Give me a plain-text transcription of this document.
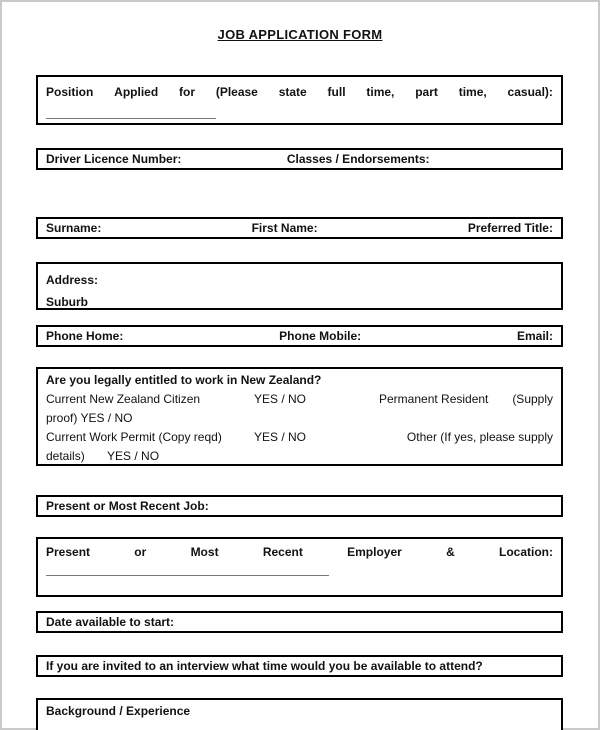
JOB APPLICATION FORM
Position Applied for (Please state full time, part time, casual):
Driver Licence Number:	Classes / Endorsements:
Surname:	First Name:	Preferred Title:
Address:
Suburb
Phone Home:	Phone Mobile:	Email:
Are you legally entitled to work in New Zealand?
Current New Zealand Citizen	YES / NO	Permanent Resident	(Supply
proof) YES / NO
Current Work Permit (Copy reqd)	YES / NO	Other (If yes, please supply
details) YES / NO
Present or Most Recent Job:
Present	or	Most	Recent	Employer	&	Location:
Date available to start:
If you are invited to an interview what time would you be available to attend?
Background / Experience
